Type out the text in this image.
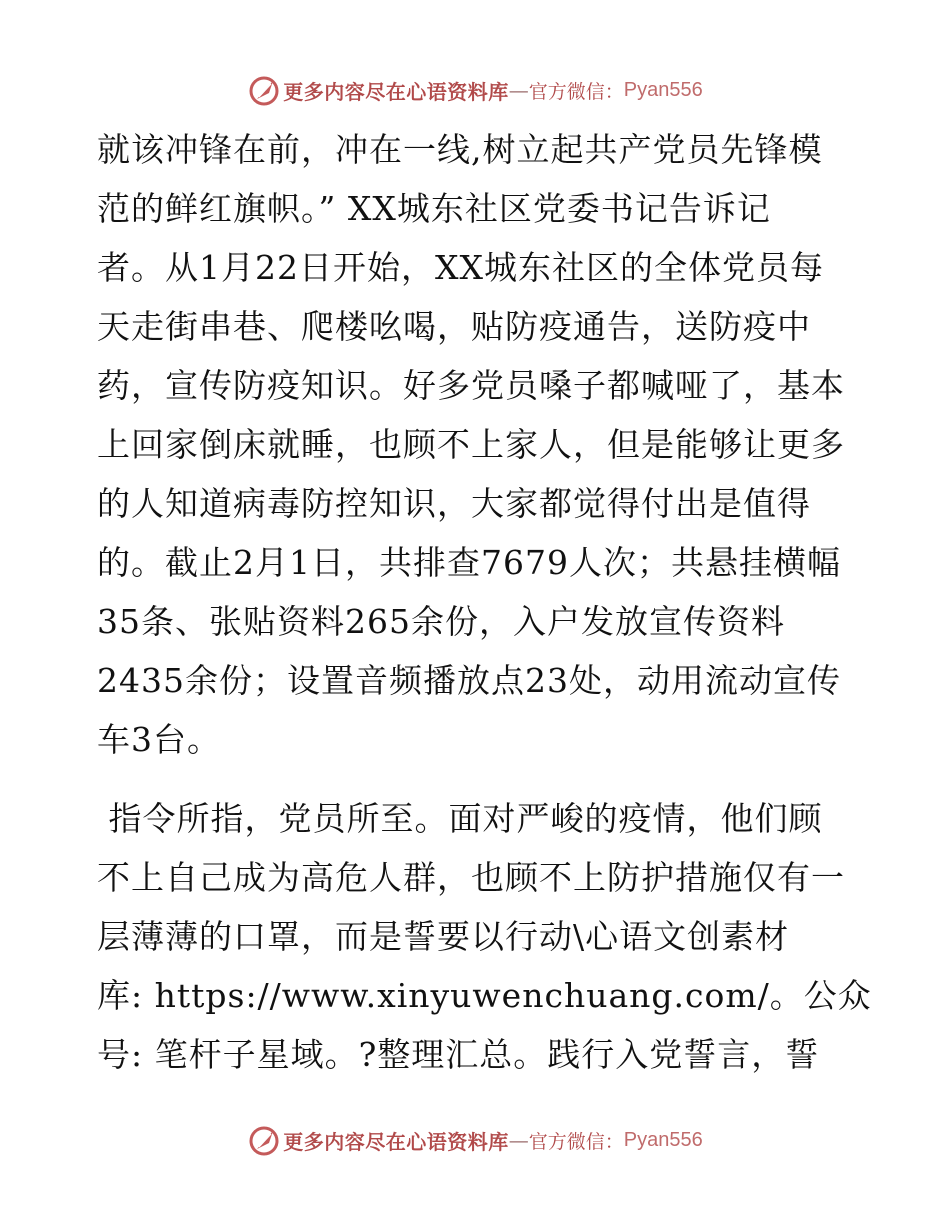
更多内容尽在心语资料库 — 官方微信： Pyan556
就该冲锋在前，冲在一线,树立起共产党员先锋模
范的鲜红旗帜。” XX城东社区党委书记告诉记
者。从1月22日开始，XX城东社区的全体党员每
天走街串巷、爬楼吆喝，贴防疫通告，送防疫中
药，宣传防疫知识。好多党员嗓子都喊哑了，基本
上回家倒床就睡，也顾不上家人，但是能够让更多
的人知道病毒防控知识，大家都觉得付出是值得
的。截止2月1日，共排查7679人次；共悬挂横幅
35条、张贴资料265余份，入户发放宣传资料
2435余份；设置音频播放点23处，动用流动宣传
车3台。
指令所指，党员所至。面对严峻的疫情，他们顾
不上自己成为高危人群，也顾不上防护措施仅有一
层薄薄的口罩，而是誓要以行动\心语文创素材
库: https://www.xinyuwenchuang.com/。公众
号: 笔杆子星域。?整理汇总。践行入党誓言，誓
更多内容尽在心语资料库 — 官方微信： Pyan556
